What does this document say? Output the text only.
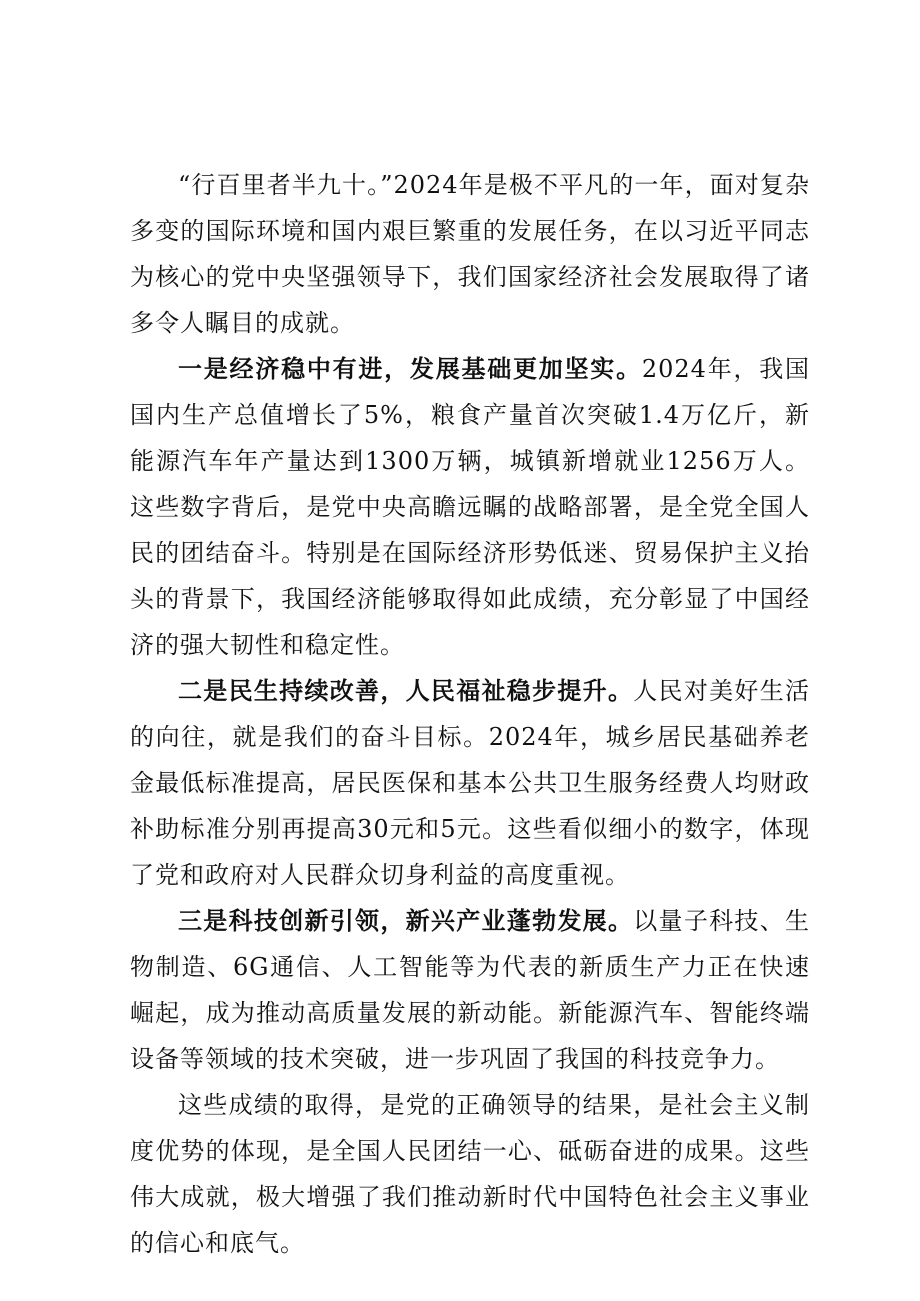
“行百里者半九十。”2024年是极不平凡的一年，面对复杂多变的国际环境和国内艰巨繁重的发展任务，在以习近平同志为核心的党中央坚强领导下，我们国家经济社会发展取得了诸多令人瞩目的成就。

一是经济稳中有进，发展基础更加坚实。2024年，我国国内生产总值增长了5%，粮食产量首次突破1.4万亿斤，新能源汽车年产量达到1300万辆，城镇新增就业1256万人。这些数字背后，是党中央高瞻远瞩的战略部署，是全党全国人民的团结奋斗。特别是在国际经济形势低迷、贸易保护主义抬头的背景下，我国经济能够取得如此成绩，充分彰显了中国经济的强大韧性和稳定性。

二是民生持续改善，人民福祉稳步提升。人民对美好生活的向往，就是我们的奋斗目标。2024年，城乡居民基础养老金最低标准提高，居民医保和基本公共卫生服务经费人均财政补助标准分别再提高30元和5元。这些看似细小的数字，体现了党和政府对人民群众切身利益的高度重视。

三是科技创新引领，新兴产业蓬勃发展。以量子科技、生物制造、6G通信、人工智能等为代表的新质生产力正在快速崛起，成为推动高质量发展的新动能。新能源汽车、智能终端设备等领域的技术突破，进一步巩固了我国的科技竞争力。

这些成绩的取得，是党的正确领导的结果，是社会主义制度优势的体现，是全国人民团结一心、砥砺奋进的成果。这些伟大成就，极大增强了我们推动新时代中国特色社会主义事业的信心和底气。
